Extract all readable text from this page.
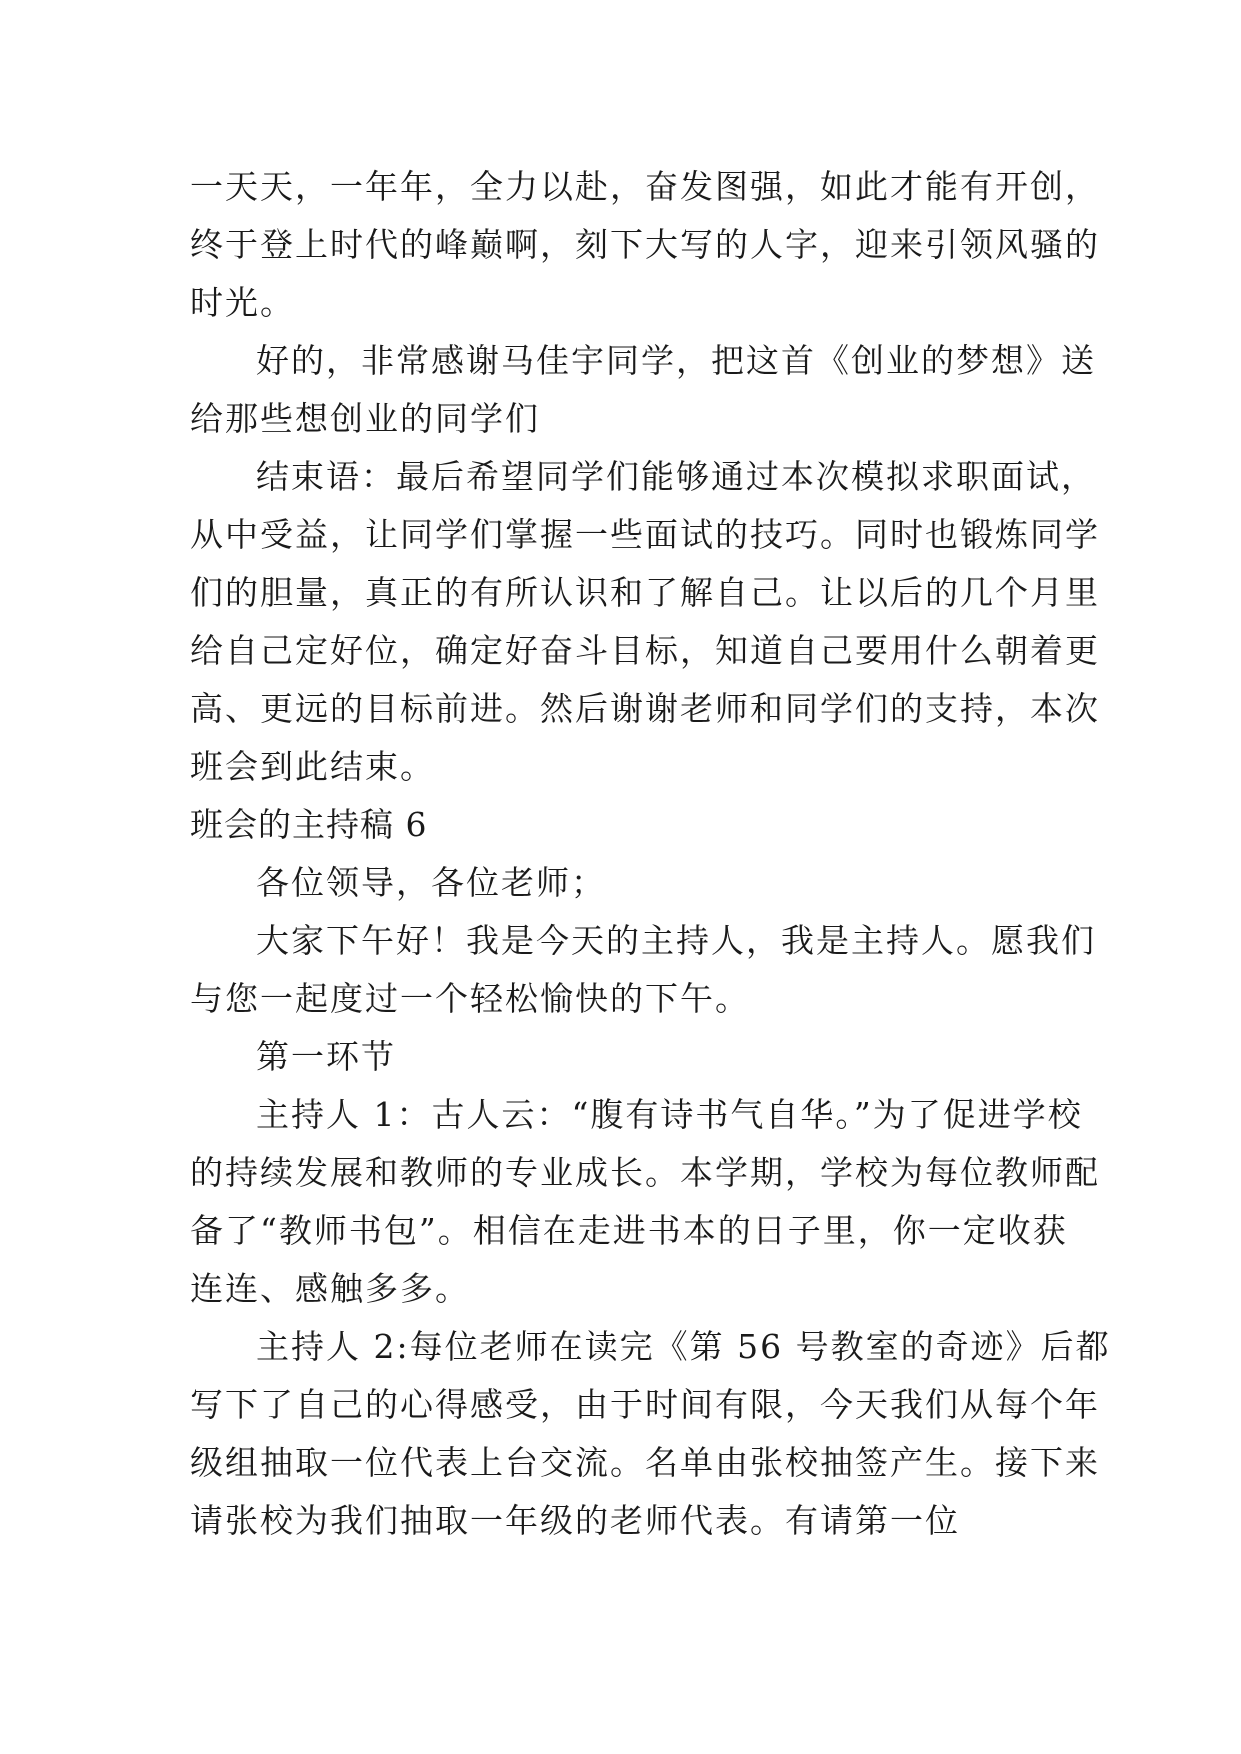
一天天，一年年，全力以赴，奋发图强，如此才能有开创，
终于登上时代的峰巅啊，刻下大写的人字，迎来引领风骚的
时光。
好的，非常感谢马佳宇同学，把这首《创业的梦想》送
给那些想创业的同学们
结束语：最后希望同学们能够通过本次模拟求职面试，
从中受益，让同学们掌握一些面试的技巧。同时也锻炼同学
们的胆量，真正的有所认识和了解自己。让以后的几个月里
给自己定好位，确定好奋斗目标，知道自己要用什么朝着更
高、更远的目标前进。然后谢谢老师和同学们的支持，本次
班会到此结束。
班会的主持稿 6
各位领导，各位老师；
大家下午好！我是今天的主持人，我是主持人。愿我们
与您一起度过一个轻松愉快的下午。
第一环节
主持人 1：古人云：“腹有诗书气自华。”为了促进学校
的持续发展和教师的专业成长。本学期，学校为每位教师配
备了“教师书包”。相信在走进书本的日子里，你一定收获
连连、感触多多。
主持人 2:每位老师在读完《第 56 号教室的奇迹》后都
写下了自己的心得感受，由于时间有限，今天我们从每个年
级组抽取一位代表上台交流。名单由张校抽签产生。接下来
请张校为我们抽取一年级的老师代表。有请第一位
